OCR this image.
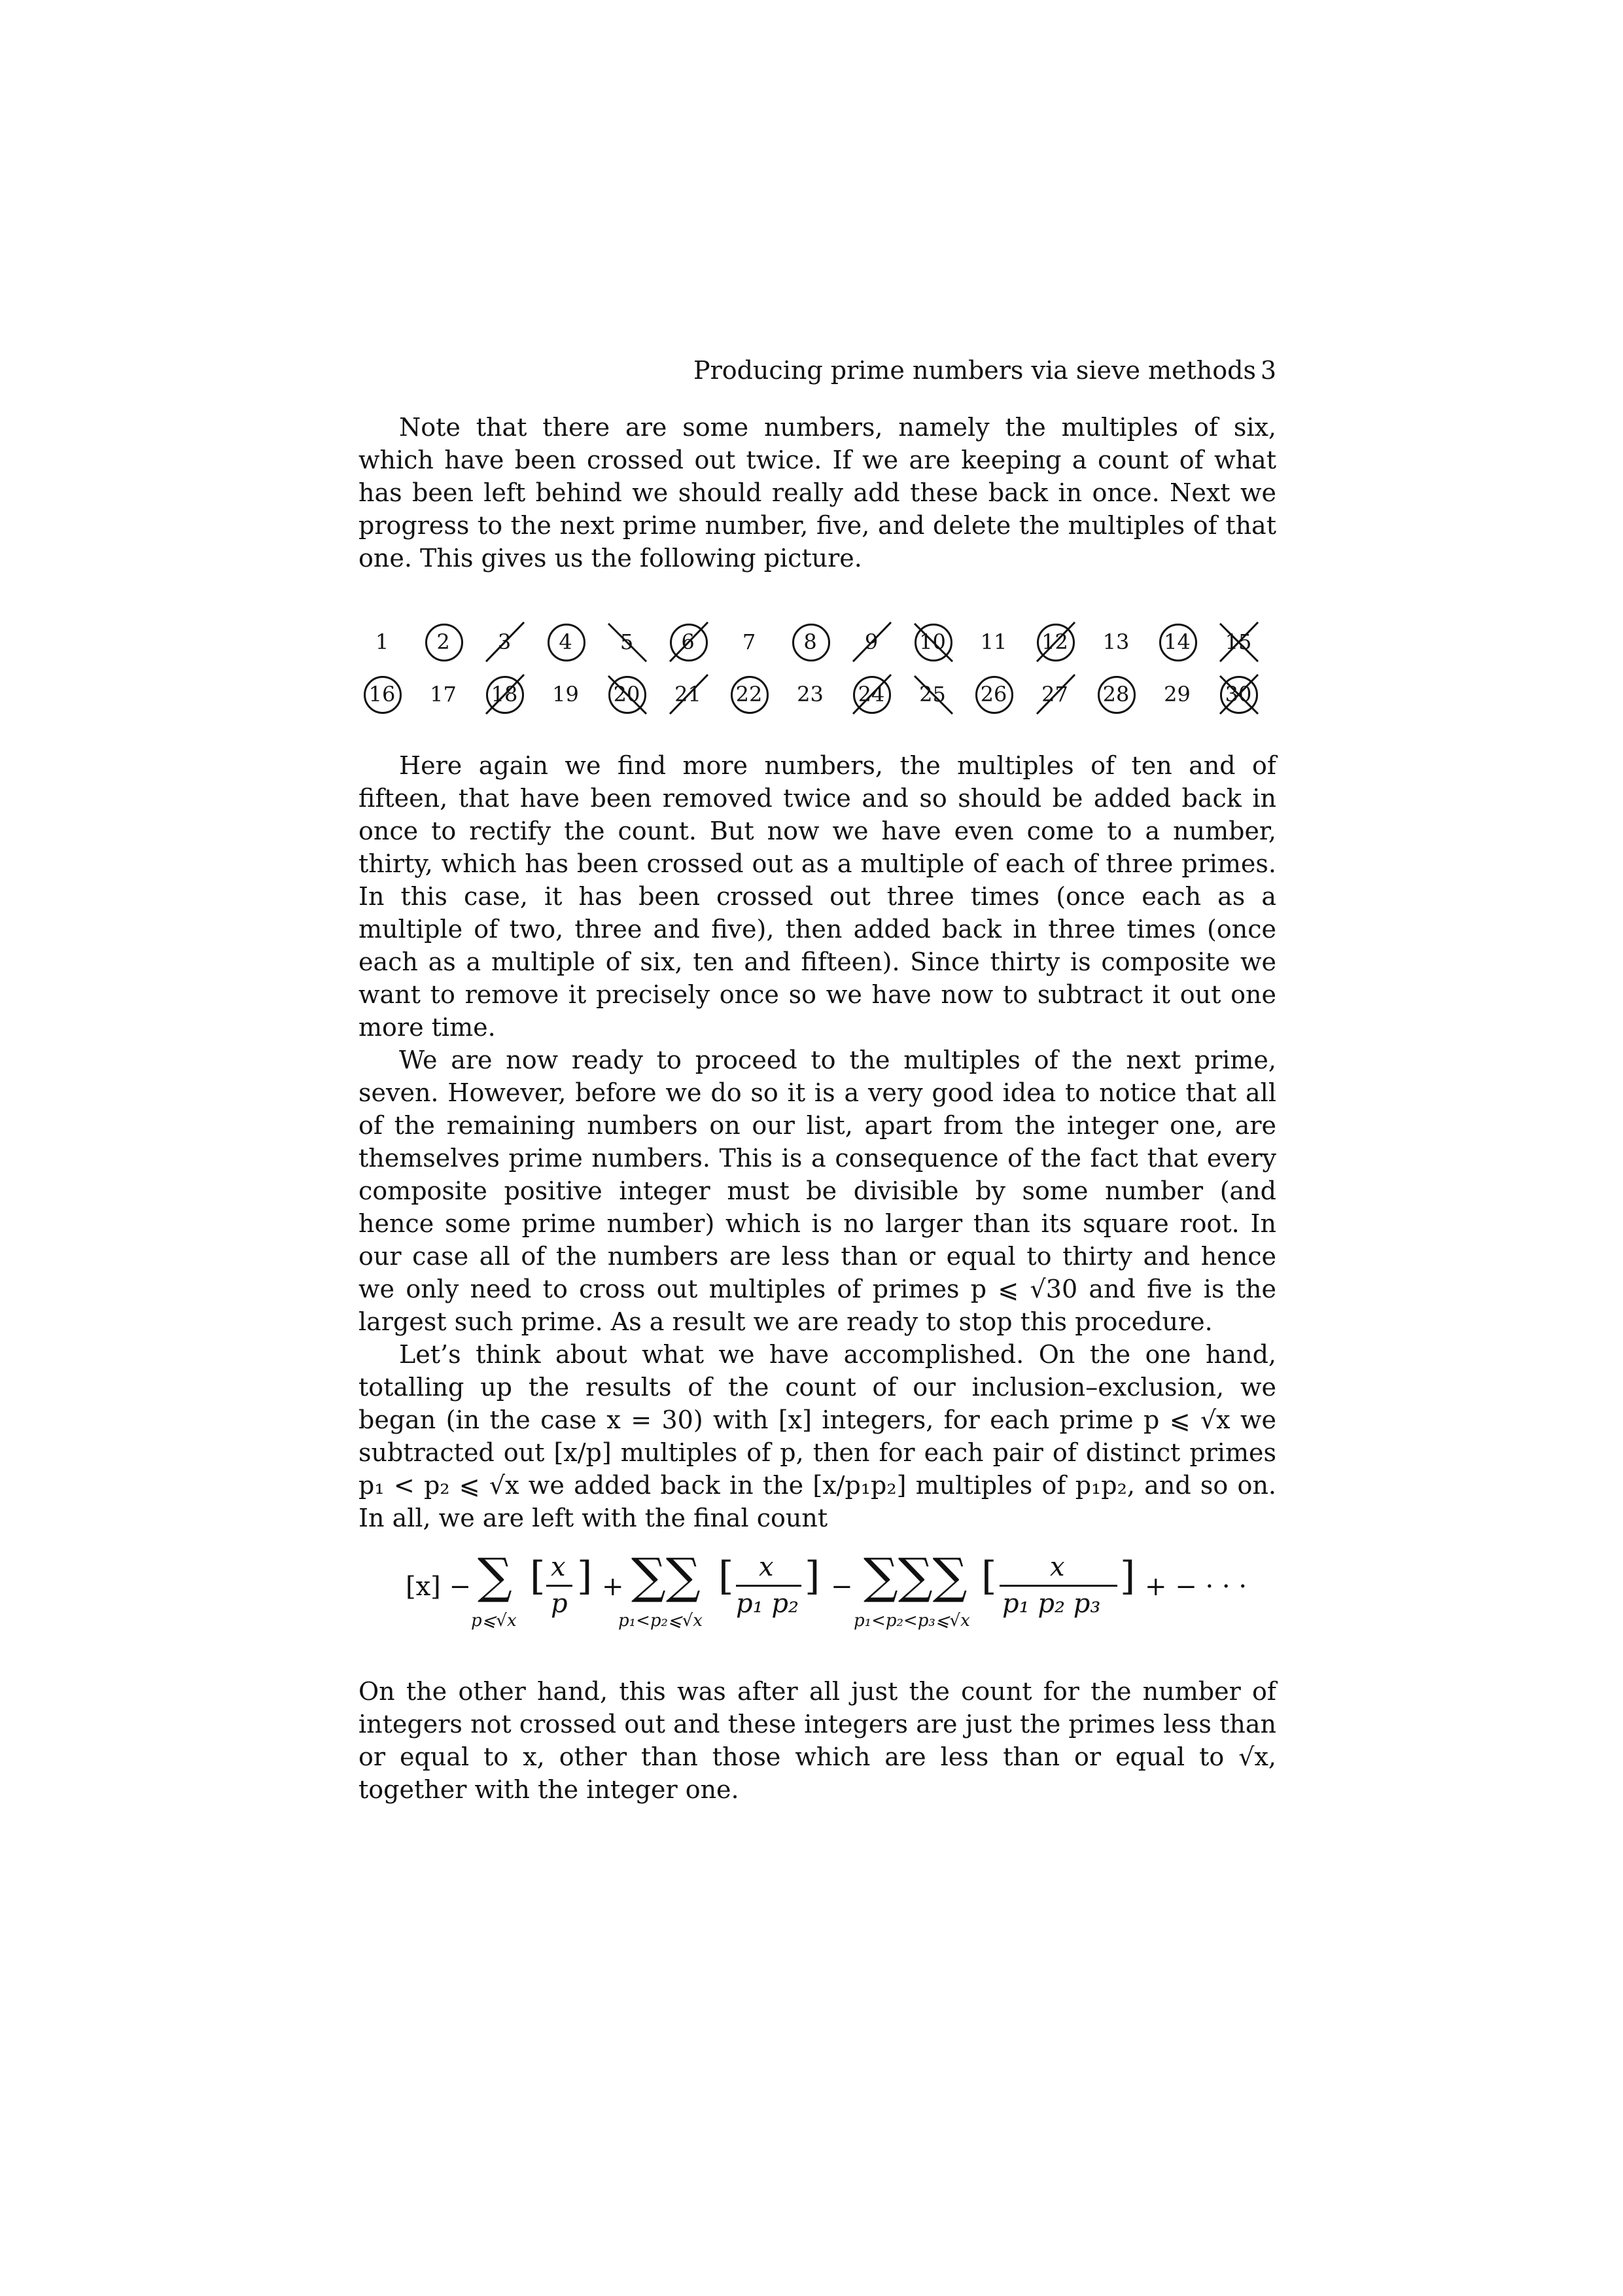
Producing prime numbers via sieve methods 3

Note that there are some numbers, namely the multiples of six, which have been crossed out twice. If we are keeping a count of what has been left behind we should really add these back in once. Next we progress to the next prime number, five, and delete the multiples of that one. This gives us the following picture.

1 2 3 4 5 6 7 8 9 10 11 12 13 14 15
16 17 18 19 20 21 22 23 24 25 26 27 28 29 30

Here again we find more numbers, the multiples of ten and of fifteen, that have been removed twice and so should be added back in once to rectify the count. But now we have even come to a number, thirty, which has been crossed out as a multiple of each of three primes. In this case, it has been crossed out three times (once each as a multiple of two, three and five), then added back in three times (once each as a multiple of six, ten and fifteen). Since thirty is composite we want to remove it precisely once so we have now to subtract it out one more time.

We are now ready to proceed to the multiples of the next prime, seven. However, before we do so it is a very good idea to notice that all of the remaining numbers on our list, apart from the integer one, are themselves prime numbers. This is a consequence of the fact that every composite positive integer must be divisible by some number (and hence some prime number) which is no larger than its square root. In our case all of the numbers are less than or equal to thirty and hence we only need to cross out multiples of primes p ⩽ √30 and five is the largest such prime. As a result we are ready to stop this procedure.

Let’s think about what we have accomplished. On the one hand, totalling up the results of the count of our inclusion–exclusion, we began (in the case x = 30) with [x] integers, for each prime p ⩽ √x we subtracted out [x/p] multiples of p, then for each pair of distinct primes p₁ < p₂ ⩽ √x we added back in the [x/p₁p₂] multiples of p₁p₂, and so on. In all, we are left with the final count

[x] − ∑
p⩽√x
[ x
p
] + ∑∑
p₁<p₂⩽√x
[ x
p₁ p₂
] − ∑∑∑
p₁<p₂<p₃⩽√x
[ x
p₁ p₂ p₃
] + − · · ·

On the other hand, this was after all just the count for the number of integers not crossed out and these integers are just the primes less than or equal to x, other than those which are less than or equal to √x, together with the integer one.
